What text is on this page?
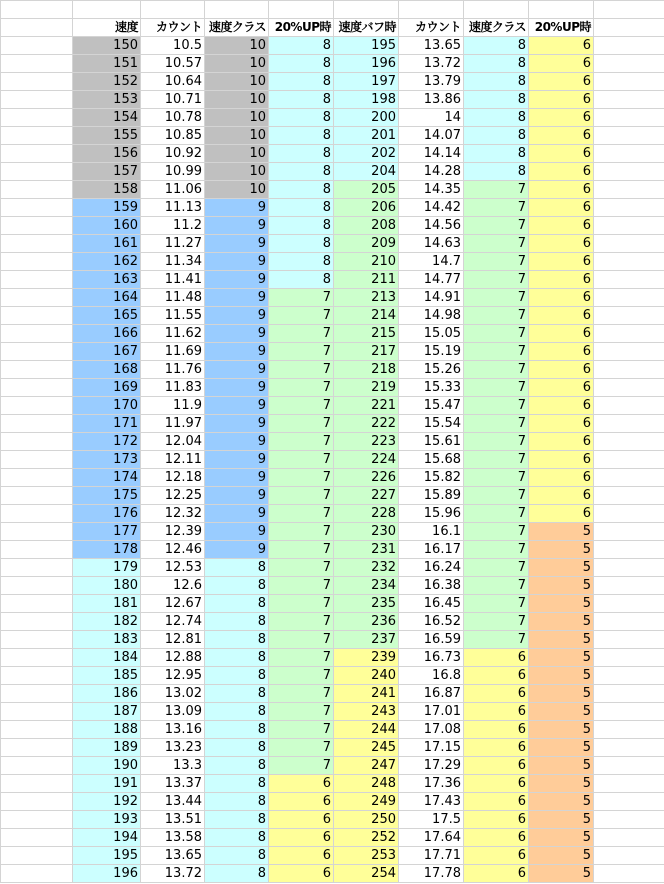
	速度	カウント	速度クラス	20%UP時	速度バフ時	カウント	速度クラス	20%UP時	
	150	10.5	10	8	195	13.65	8	6	
	151	10.57	10	8	196	13.72	8	6	
	152	10.64	10	8	197	13.79	8	6	
	153	10.71	10	8	198	13.86	8	6	
	154	10.78	10	8	200	14	8	6	
	155	10.85	10	8	201	14.07	8	6	
	156	10.92	10	8	202	14.14	8	6	
	157	10.99	10	8	204	14.28	8	6	
	158	11.06	10	8	205	14.35	7	6	
	159	11.13	9	8	206	14.42	7	6	
	160	11.2	9	8	208	14.56	7	6	
	161	11.27	9	8	209	14.63	7	6	
	162	11.34	9	8	210	14.7	7	6	
	163	11.41	9	8	211	14.77	7	6	
	164	11.48	9	7	213	14.91	7	6	
	165	11.55	9	7	214	14.98	7	6	
	166	11.62	9	7	215	15.05	7	6	
	167	11.69	9	7	217	15.19	7	6	
	168	11.76	9	7	218	15.26	7	6	
	169	11.83	9	7	219	15.33	7	6	
	170	11.9	9	7	221	15.47	7	6	
	171	11.97	9	7	222	15.54	7	6	
	172	12.04	9	7	223	15.61	7	6	
	173	12.11	9	7	224	15.68	7	6	
	174	12.18	9	7	226	15.82	7	6	
	175	12.25	9	7	227	15.89	7	6	
	176	12.32	9	7	228	15.96	7	6	
	177	12.39	9	7	230	16.1	7	5	
	178	12.46	9	7	231	16.17	7	5	
	179	12.53	8	7	232	16.24	7	5	
	180	12.6	8	7	234	16.38	7	5	
	181	12.67	8	7	235	16.45	7	5	
	182	12.74	8	7	236	16.52	7	5	
	183	12.81	8	7	237	16.59	7	5	
	184	12.88	8	7	239	16.73	6	5	
	185	12.95	8	7	240	16.8	6	5	
	186	13.02	8	7	241	16.87	6	5	
	187	13.09	8	7	243	17.01	6	5	
	188	13.16	8	7	244	17.08	6	5	
	189	13.23	8	7	245	17.15	6	5	
	190	13.3	8	7	247	17.29	6	5	
	191	13.37	8	6	248	17.36	6	5	
	192	13.44	8	6	249	17.43	6	5	
	193	13.51	8	6	250	17.5	6	5	
	194	13.58	8	6	252	17.64	6	5	
	195	13.65	8	6	253	17.71	6	5	
	196	13.72	8	6	254	17.78	6	5	
